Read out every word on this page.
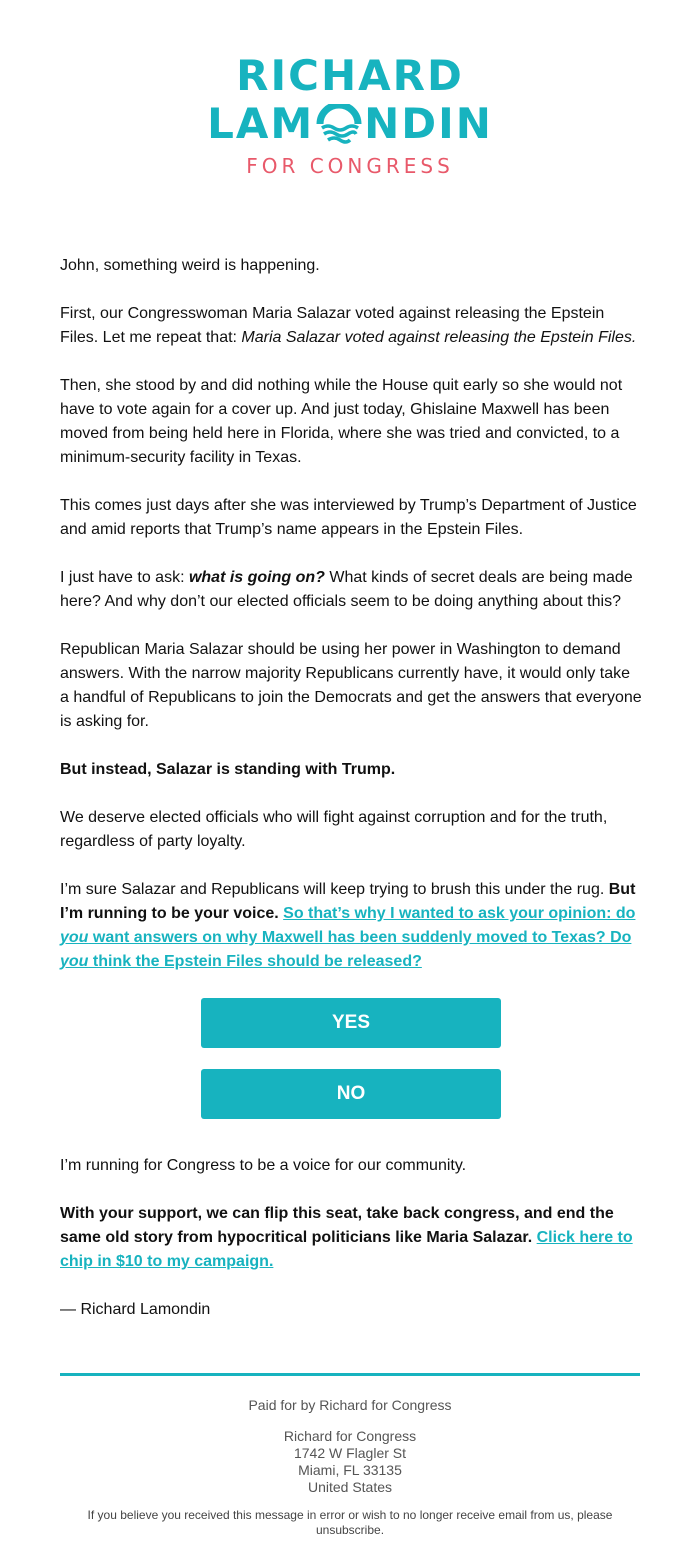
RICHARD
LAM NDIN
FOR CONGRESS

John, something weird is happening.

First, our Congresswoman Maria Salazar voted against releasing the Epstein Files. Let me repeat that: Maria Salazar voted against releasing the Epstein Files.

Then, she stood by and did nothing while the House quit early so she would not have to vote again for a cover up. And just today, Ghislaine Maxwell has been moved from being held here in Florida, where she was tried and convicted, to a minimum-security facility in Texas.

This comes just days after she was interviewed by Trump’s Department of Justice and amid reports that Trump’s name appears in the Epstein Files.

I just have to ask: what is going on? What kinds of secret deals are being made here? And why don’t our elected officials seem to be doing anything about this?

Republican Maria Salazar should be using her power in Washington to demand answers. With the narrow majority Republicans currently have, it would only take a handful of Republicans to join the Democrats and get the answers that everyone is asking for.

But instead, Salazar is standing with Trump.

We deserve elected officials who will fight against corruption and for the truth, regardless of party loyalty.

I’m sure Salazar and Republicans will keep trying to brush this under the rug. But I’m running to be your voice. So that’s why I wanted to ask your opinion: do you want answers on why Maxwell has been suddenly moved to Texas? Do you think the Epstein Files should be released?

YES
NO

I’m running for Congress to be a voice for our community.

With your support, we can flip this seat, take back congress, and end the same old story from hypocritical politicians like Maria Salazar. Click here to chip in $10 to my campaign.

— Richard Lamondin

Paid for by Richard for Congress
Richard for Congress
1742 W Flagler St
Miami, FL 33135
United States
If you believe you received this message in error or wish to no longer receive email from us, please unsubscribe.
